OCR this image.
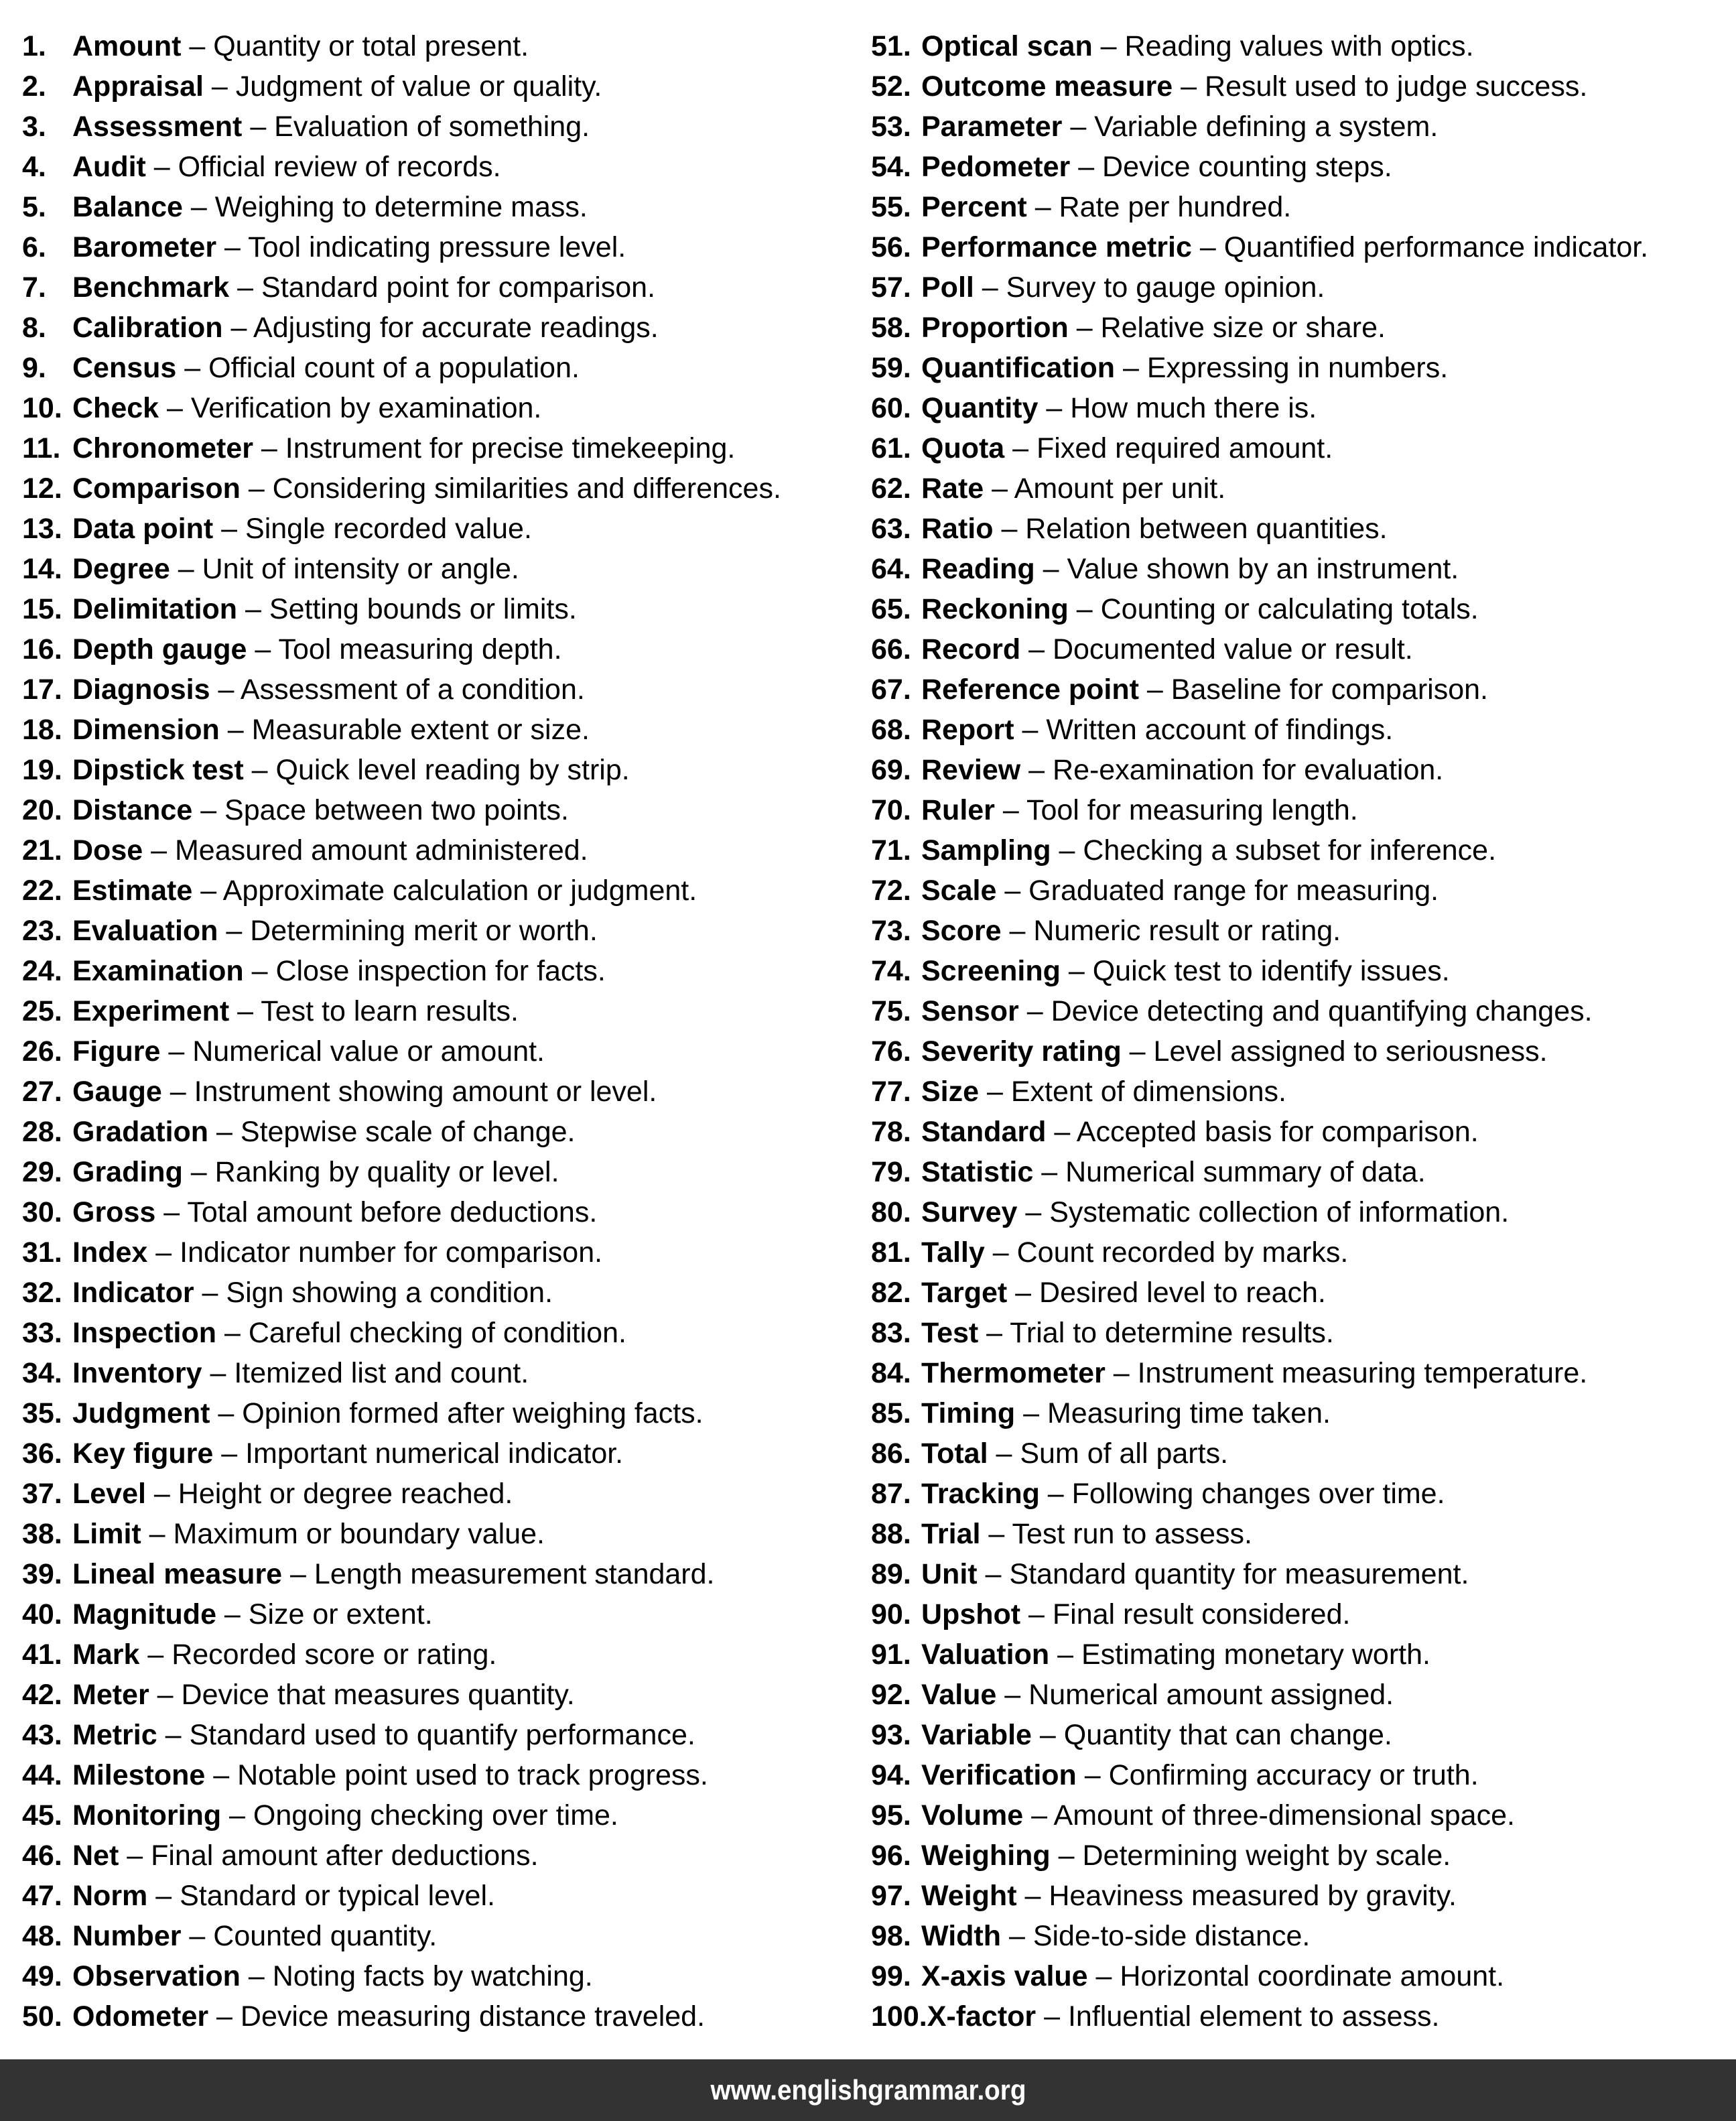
1. Amount – Quantity or total present.
2. Appraisal – Judgment of value or quality.
3. Assessment – Evaluation of something.
4. Audit – Official review of records.
5. Balance – Weighing to determine mass.
6. Barometer – Tool indicating pressure level.
7. Benchmark – Standard point for comparison.
8. Calibration – Adjusting for accurate readings.
9. Census – Official count of a population.
10. Check – Verification by examination.
11. Chronometer – Instrument for precise timekeeping.
12. Comparison – Considering similarities and differences.
13. Data point – Single recorded value.
14. Degree – Unit of intensity or angle.
15. Delimitation – Setting bounds or limits.
16. Depth gauge – Tool measuring depth.
17. Diagnosis – Assessment of a condition.
18. Dimension – Measurable extent or size.
19. Dipstick test – Quick level reading by strip.
20. Distance – Space between two points.
21. Dose – Measured amount administered.
22. Estimate – Approximate calculation or judgment.
23. Evaluation – Determining merit or worth.
24. Examination – Close inspection for facts.
25. Experiment – Test to learn results.
26. Figure – Numerical value or amount.
27. Gauge – Instrument showing amount or level.
28. Gradation – Stepwise scale of change.
29. Grading – Ranking by quality or level.
30. Gross – Total amount before deductions.
31. Index – Indicator number for comparison.
32. Indicator – Sign showing a condition.
33. Inspection – Careful checking of condition.
34. Inventory – Itemized list and count.
35. Judgment – Opinion formed after weighing facts.
36. Key figure – Important numerical indicator.
37. Level – Height or degree reached.
38. Limit – Maximum or boundary value.
39. Lineal measure – Length measurement standard.
40. Magnitude – Size or extent.
41. Mark – Recorded score or rating.
42. Meter – Device that measures quantity.
43. Metric – Standard used to quantify performance.
44. Milestone – Notable point used to track progress.
45. Monitoring – Ongoing checking over time.
46. Net – Final amount after deductions.
47. Norm – Standard or typical level.
48. Number – Counted quantity.
49. Observation – Noting facts by watching.
50. Odometer – Device measuring distance traveled.
51. Optical scan – Reading values with optics.
52. Outcome measure – Result used to judge success.
53. Parameter – Variable defining a system.
54. Pedometer – Device counting steps.
55. Percent – Rate per hundred.
56. Performance metric – Quantified performance indicator.
57. Poll – Survey to gauge opinion.
58. Proportion – Relative size or share.
59. Quantification – Expressing in numbers.
60. Quantity – How much there is.
61. Quota – Fixed required amount.
62. Rate – Amount per unit.
63. Ratio – Relation between quantities.
64. Reading – Value shown by an instrument.
65. Reckoning – Counting or calculating totals.
66. Record – Documented value or result.
67. Reference point – Baseline for comparison.
68. Report – Written account of findings.
69. Review – Re-examination for evaluation.
70. Ruler – Tool for measuring length.
71. Sampling – Checking a subset for inference.
72. Scale – Graduated range for measuring.
73. Score – Numeric result or rating.
74. Screening – Quick test to identify issues.
75. Sensor – Device detecting and quantifying changes.
76. Severity rating – Level assigned to seriousness.
77. Size – Extent of dimensions.
78. Standard – Accepted basis for comparison.
79. Statistic – Numerical summary of data.
80. Survey – Systematic collection of information.
81. Tally – Count recorded by marks.
82. Target – Desired level to reach.
83. Test – Trial to determine results.
84. Thermometer – Instrument measuring temperature.
85. Timing – Measuring time taken.
86. Total – Sum of all parts.
87. Tracking – Following changes over time.
88. Trial – Test run to assess.
89. Unit – Standard quantity for measurement.
90. Upshot – Final result considered.
91. Valuation – Estimating monetary worth.
92. Value – Numerical amount assigned.
93. Variable – Quantity that can change.
94. Verification – Confirming accuracy or truth.
95. Volume – Amount of three-dimensional space.
96. Weighing – Determining weight by scale.
97. Weight – Heaviness measured by gravity.
98. Width – Side-to-side distance.
99. X-axis value – Horizontal coordinate amount.
100. X-factor – Influential element to assess.
www.englishgrammar.org
